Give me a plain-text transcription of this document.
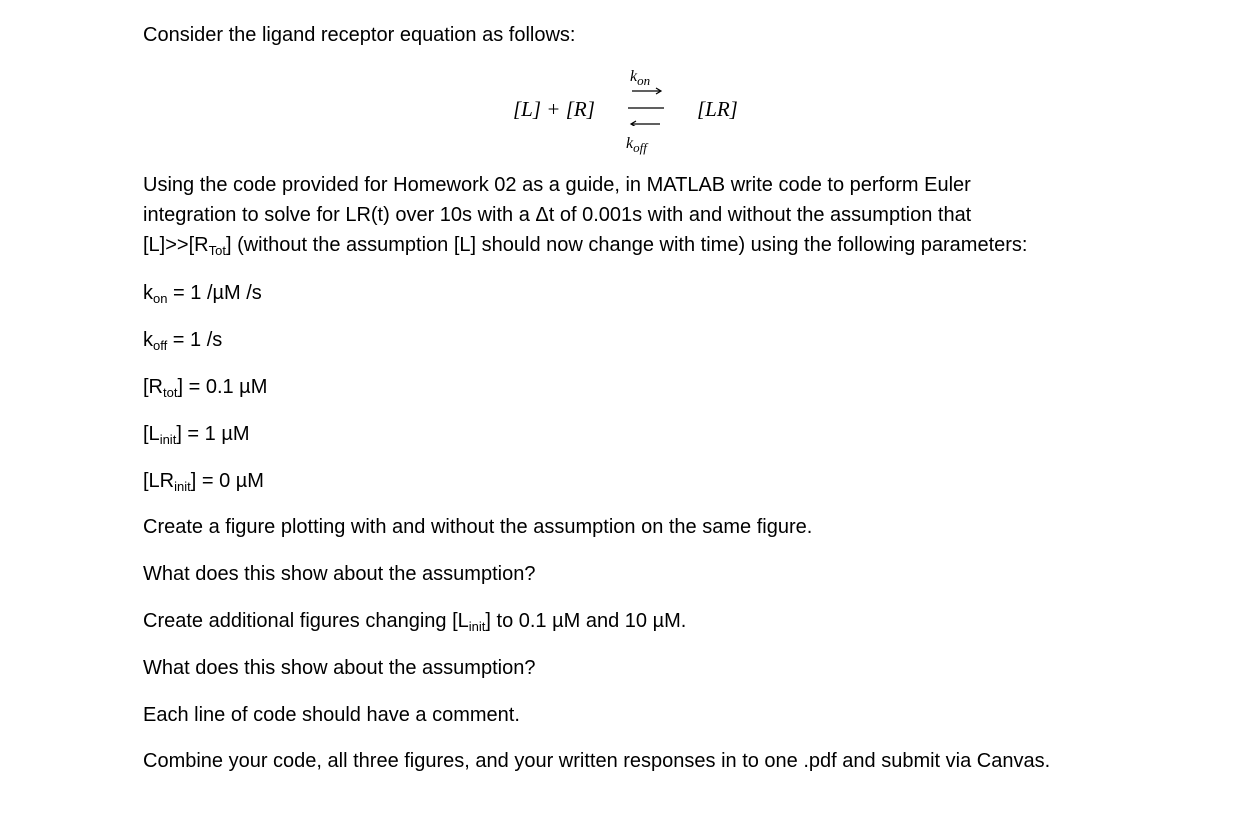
Consider the ligand receptor equation as follows:
[L] + [R]
$k_{on}$
$k_{off}$
[LR]
Using the code provided for Homework 02 as a guide, in MATLAB write code to perform Euler
integration to solve for LR(t) over 10s with a Δt of 0.001s with and without the assumption that
$[L]>>[R_{Tot}]$ (without the assumption [L] should now change with time) using the following parameters:
$k_{on} = 1$ /µM /s
$k_{off} = 1$ /s
$[R_{tot}] = 0.1$ µM
$[L_{init}] = 1$ µM
$[LR_{init}] = 0$ µM
Create a figure plotting with and without the assumption on the same figure.
What does this show about the assumption?
Create additional figures changing $[L_{init}]$ to 0.1 µM and 10 µM.
What does this show about the assumption?
Each line of code should have a comment.
Combine your code, all three figures, and your written responses in to one .pdf and submit via Canvas.
